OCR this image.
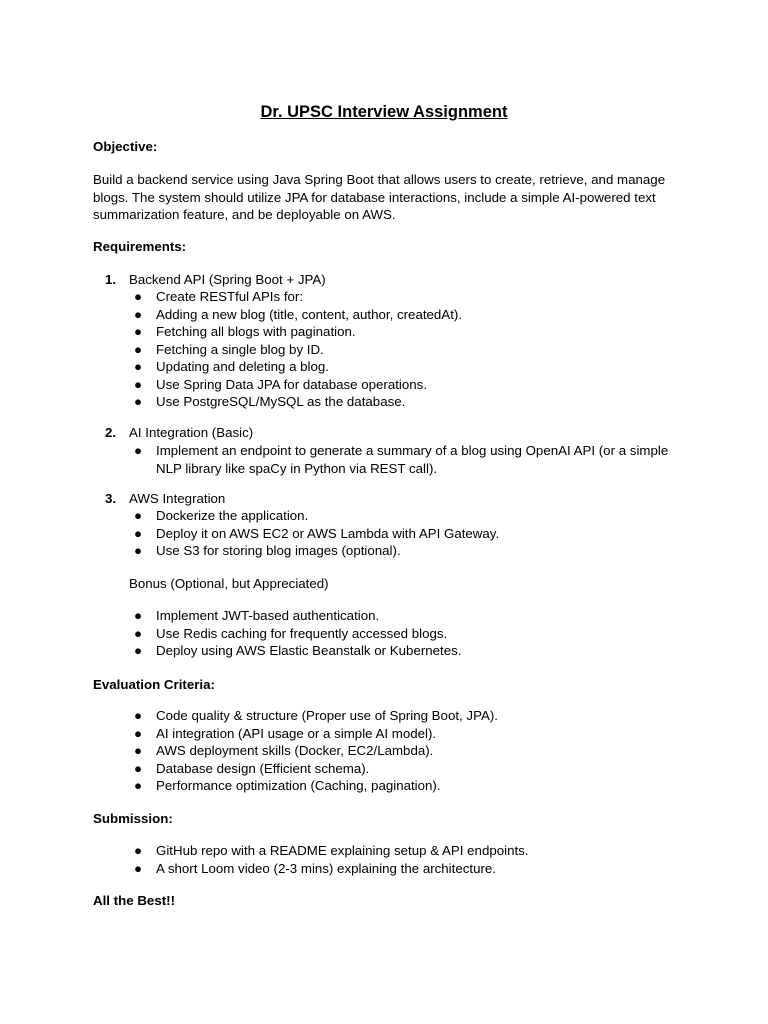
Dr. UPSC Interview Assignment
Objective:
Build a backend service using Java Spring Boot that allows users to create, retrieve, and manage blogs. The system should utilize JPA for database interactions, include a simple AI-powered text summarization feature, and be deployable on AWS.
Requirements:
1. Backend API (Spring Boot + JPA)
● Create RESTful APIs for:
● Adding a new blog (title, content, author, createdAt).
● Fetching all blogs with pagination.
● Fetching a single blog by ID.
● Updating and deleting a blog.
● Use Spring Data JPA for database operations.
● Use PostgreSQL/MySQL as the database.
2. AI Integration (Basic)
● Implement an endpoint to generate a summary of a blog using OpenAI API (or a simple NLP library like spaCy in Python via REST call).
3. AWS Integration
● Dockerize the application.
● Deploy it on AWS EC2 or AWS Lambda with API Gateway.
● Use S3 for storing blog images (optional).
Bonus (Optional, but Appreciated)
● Implement JWT-based authentication.
● Use Redis caching for frequently accessed blogs.
● Deploy using AWS Elastic Beanstalk or Kubernetes.
Evaluation Criteria:
● Code quality & structure (Proper use of Spring Boot, JPA).
● AI integration (API usage or a simple AI model).
● AWS deployment skills (Docker, EC2/Lambda).
● Database design (Efficient schema).
● Performance optimization (Caching, pagination).
Submission:
● GitHub repo with a README explaining setup & API endpoints.
● A short Loom video (2-3 mins) explaining the architecture.
All the Best!!
